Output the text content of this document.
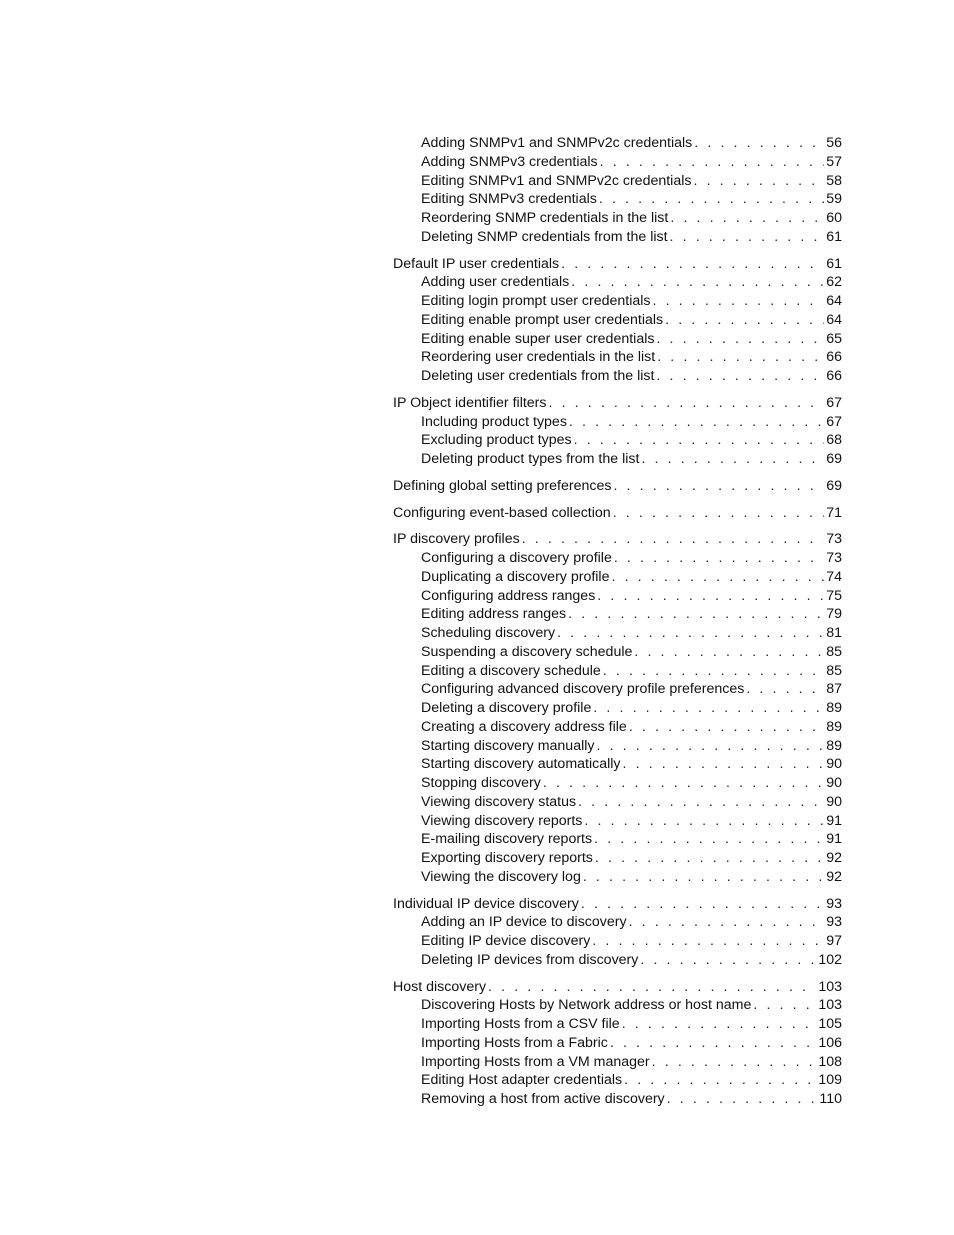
Adding SNMPv1 and SNMPv2c credentials . . .	56
Adding SNMPv3 credentials . . .	57
Editing SNMPv1 and SNMPv2c credentials . . .	58
Editing SNMPv3 credentials . . .	59
Reordering SNMP credentials in the list . . .	60
Deleting SNMP credentials from the list . . .	61
Default IP user credentials . . .	61
Adding user credentials . . .	62
Editing login prompt user credentials . . .	64
Editing enable prompt user credentials . . .	64
Editing enable super user credentials . . .	65
Reordering user credentials in the list . . .	66
Deleting user credentials from the list . . .	66
IP Object identifier filters . . .	67
Including product types . . .	67
Excluding product types . . .	68
Deleting product types from the list . . .	69
Defining global setting preferences . . .	69
Configuring event-based collection . . .	71
IP discovery profiles . . .	73
Configuring a discovery profile . . .	73
Duplicating a discovery profile . . .	74
Configuring address ranges . . .	75
Editing address ranges . . .	79
Scheduling discovery . . .	81
Suspending a discovery schedule . . .	85
Editing a discovery schedule . . .	85
Configuring advanced discovery profile preferences . . .	87
Deleting a discovery profile . . .	89
Creating a discovery address file . . .	89
Starting discovery manually . . .	89
Starting discovery automatically . . .	90
Stopping discovery . . .	90
Viewing discovery status . . .	90
Viewing discovery reports . . .	91
E-mailing discovery reports . . .	91
Exporting discovery reports . . .	92
Viewing the discovery log . . .	92
Individual IP device discovery . . .	93
Adding an IP device to discovery . . .	93
Editing IP device discovery . . .	97
Deleting IP devices from discovery . . .	102
Host discovery . . .	103
Discovering Hosts by Network address or host name . . .	103
Importing Hosts from a CSV file . . .	105
Importing Hosts from a Fabric . . .	106
Importing Hosts from a VM manager . . .	108
Editing Host adapter credentials . . .	109
Removing a host from active discovery . . .	110
